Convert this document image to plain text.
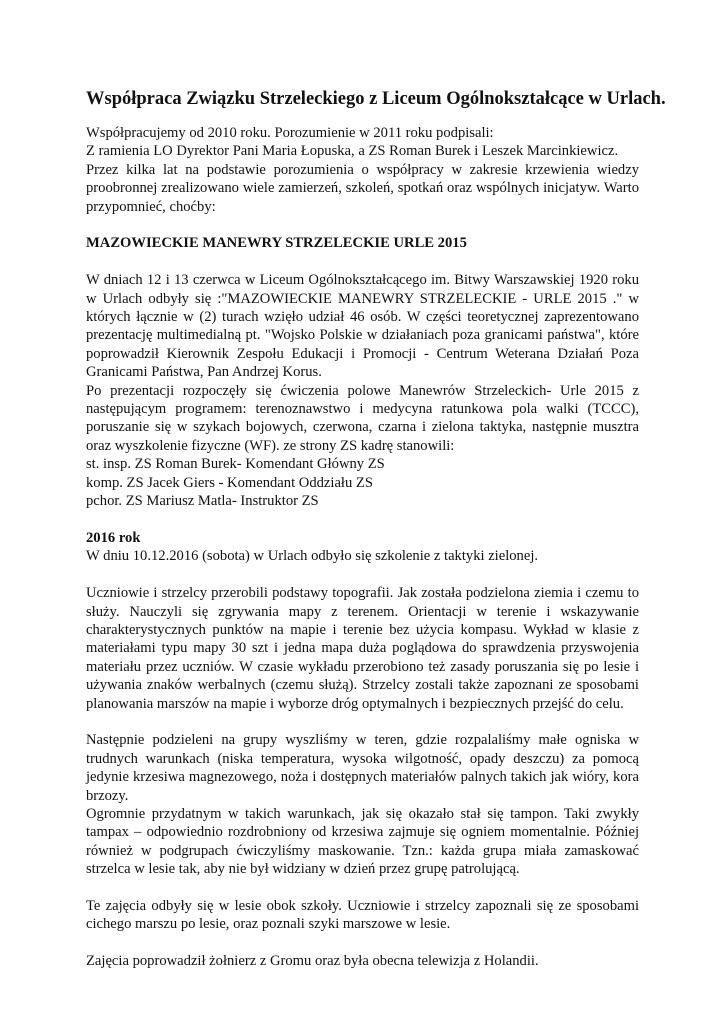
Współpraca Związku Strzeleckiego z Liceum Ogólnokształcące w Urlach.

Współpracujemy od 2010 roku. Porozumienie w 2011 roku podpisali:
Z ramienia LO Dyrektor Pani Maria Łopuska, a ZS Roman Burek i Leszek Marcinkiewicz.

Przez kilka lat na podstawie porozumienia o współpracy w zakresie krzewienia wiedzy proobronnej zrealizowano wiele zamierzeń, szkoleń, spotkań oraz wspólnych inicjatyw. Warto przypomnieć, choćby:

MAZOWIECKIE MANEWRY STRZELECKIE URLE 2015

W dniach 12 i 13 czerwca w Liceum Ogólnokształcącego im. Bitwy Warszawskiej 1920 roku w Urlach odbyły się :"MAZOWIECKIE MANEWRY STRZELECKIE - URLE 2015 ." w których łącznie w (2) turach wzięło udział 46 osób. W części teoretycznej zaprezentowano prezentację multimedialną pt. "Wojsko Polskie w działaniach poza granicami państwa", które poprowadził Kierownik Zespołu Edukacji i Promocji - Centrum Weterana Działań Poza Granicami Państwa, Pan Andrzej Korus.

Po prezentacji rozpoczęły się ćwiczenia polowe Manewrów Strzeleckich- Urle 2015 z następującym programem: terenoznawstwo i medycyna ratunkowa pola walki (TCCC), poruszanie się w szykach bojowych, czerwona, czarna i zielona taktyka, następnie musztra oraz wyszkolenie fizyczne (WF). ze strony ZS kadrę stanowili:

st. insp. ZS Roman Burek- Komendant Główny ZS
komp. ZS Jacek Giers - Komendant Oddziału ZS
pchor. ZS Mariusz Matla- Instruktor ZS

2016 rok

W dniu 10.12.2016 (sobota) w Urlach odbyło się szkolenie z taktyki zielonej.

Uczniowie i strzelcy przerobili podstawy topografii. Jak została podzielona ziemia i czemu to służy. Nauczyli się zgrywania mapy z terenem. Orientacji w terenie i wskazywanie charakterystycznych punktów na mapie i terenie bez użycia kompasu. Wykład w klasie z materiałami typu mapy 30 szt i jedna mapa duża poglądowa do sprawdzenia przyswojenia materiału przez uczniów. W czasie wykładu przerobiono też zasady poruszania się po lesie i używania znaków werbalnych (czemu służą). Strzelcy zostali także zapoznani ze sposobami planowania marszów na mapie i wyborze dróg optymalnych i bezpiecznych przejść do celu.

Następnie podzieleni na grupy wyszliśmy w teren, gdzie rozpalaliśmy małe ogniska w trudnych warunkach (niska temperatura, wysoka wilgotność, opady deszczu) za pomocą jedynie krzesiwa magnezowego, noża i dostępnych materiałów palnych takich jak wióry, kora brzozy.

Ogromnie przydatnym w takich warunkach, jak się okazało stał się tampon. Taki zwykły tampax – odpowiednio rozdrobniony od krzesiwa zajmuje się ogniem momentalnie. Później również w podgrupach ćwiczyliśmy maskowanie. Tzn.: każda grupa miała zamaskować strzelca w lesie tak, aby nie był widziany w dzień przez grupę patrolującą.

Te zajęcia odbyły się w lesie obok szkoły. Uczniowie i strzelcy zapoznali się ze sposobami cichego marszu po lesie, oraz poznali szyki marszowe w lesie.

Zajęcia poprowadził żołnierz z Gromu oraz była obecna telewizja z Holandii.
